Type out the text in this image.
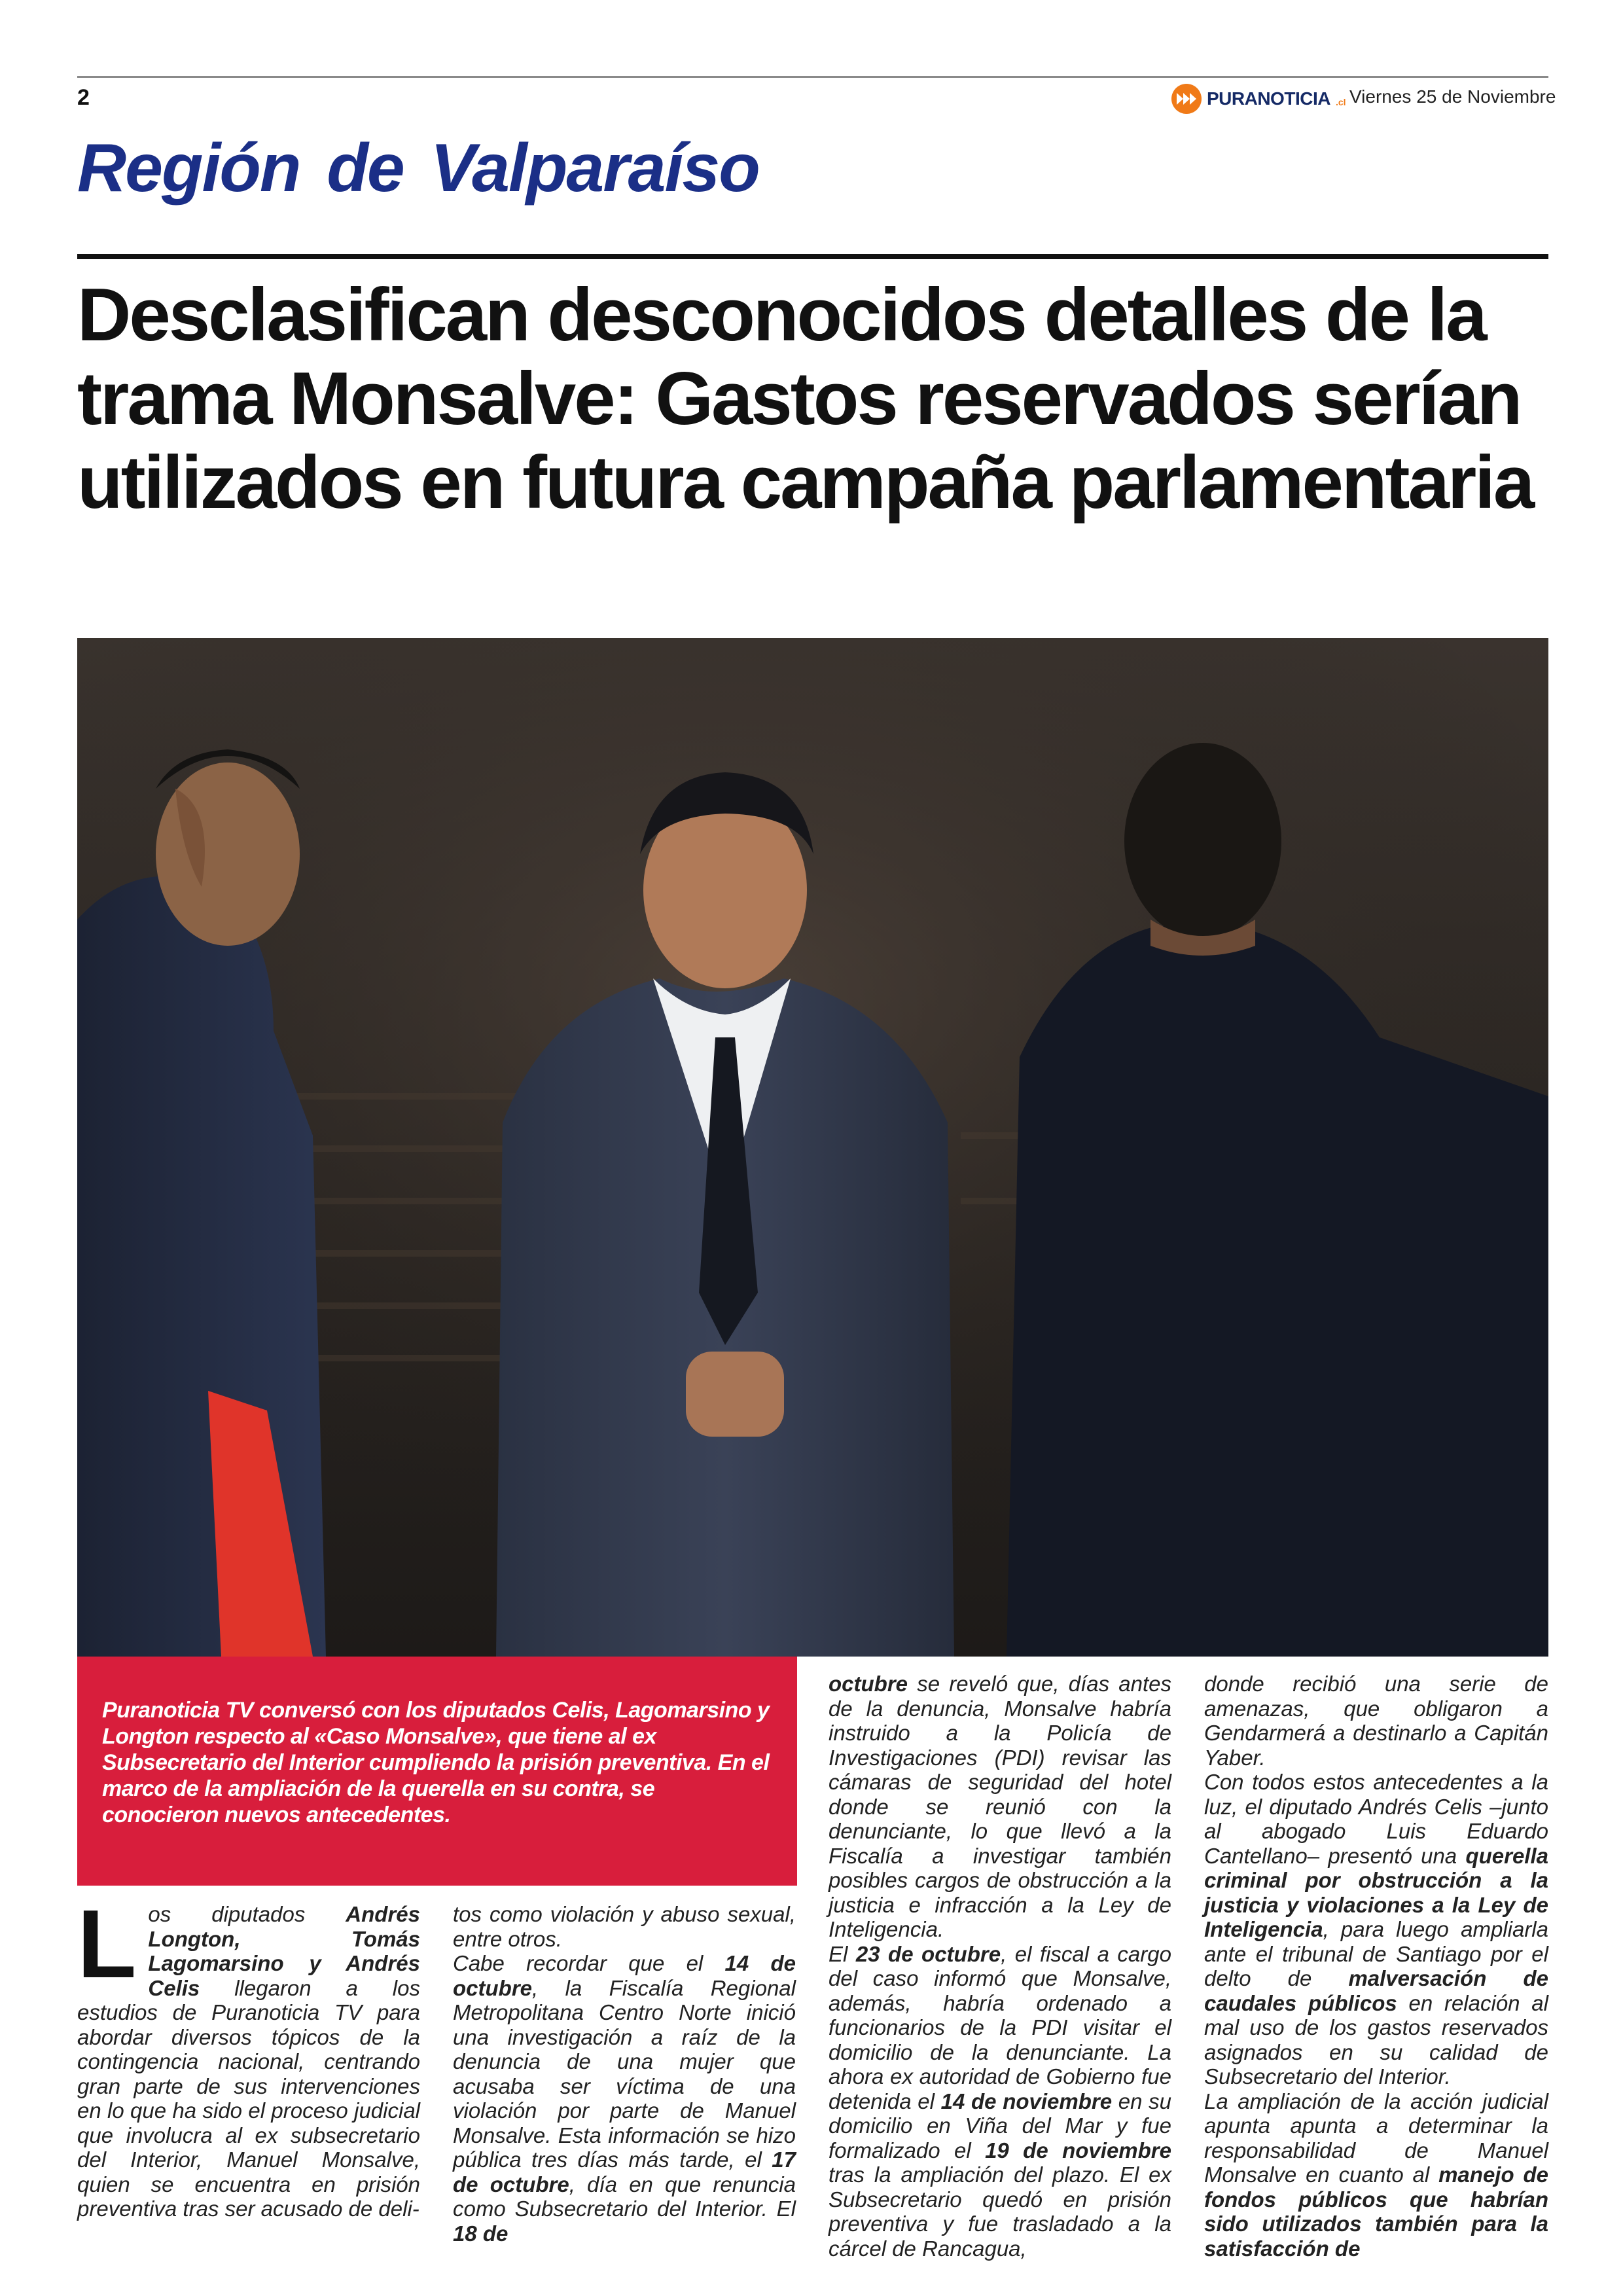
2	PURANOTICIA .cl Viernes 25 de Noviembre
Región de Valparaíso
Desclasifican desconocidos detalles de la trama Monsalve: Gastos reservados serían utilizados en futura campaña parlamentaria

Puranoticia TV conversó con los diputados Celis, Lagomarsino y Longton respecto al «Caso Monsalve», que tiene al ex Subsecretario del Interior cumpliendo la prisión preventiva. En el marco de la ampliación de la querella en su contra, se conocieron nuevos antecedentes.

Los diputados Andrés Longton, Tomás Lagomarsino y Andrés Celis llegaron a los estudios de Puranoticia TV para abordar diversos tópicos de la contingencia nacional, centrando gran parte de sus intervenciones en lo que ha sido el proceso judicial que involucra al ex subsecretario del Interior, Manuel Monsalve, quien se encuentra en prisión preventiva tras ser acusado de deli-

tos como violación y abuso sexual, entre otros.

Cabe recordar que el 14 de octubre, la Fiscalía Regional Metropolitana Centro Norte inició una investigación a raíz de la denuncia de una mujer que acusaba ser víctima de una violación por parte de Manuel Monsalve. Esta información se hizo pública tres días más tarde, el 17 de octubre, día en que renuncia como Subsecretario del Interior. El 18 de

octubre se reveló que, días antes de la denuncia, Monsalve habría instruido a la Policía de Investigaciones (PDI) revisar las cámaras de seguridad del hotel donde se reunió con la denunciante, lo que llevó a la Fiscalía a investigar también posibles cargos de obstrucción a la justicia e infracción a la Ley de Inteligencia.

El 23 de octubre, el fiscal a cargo del caso informó que Monsalve, además, habría ordenado a funcionarios de la PDI visitar el domicilio de la denunciante. La ahora ex autoridad de Gobierno fue detenida el 14 de noviembre en su domicilio en Viña del Mar y fue formalizado el 19 de noviembre tras la ampliación del plazo. El ex Subsecretario quedó en prisión preventiva y fue trasladado a la cárcel de Rancagua,

donde recibió una serie de amenazas, que obligaron a Gendarmerá a destinarlo a Capitán Yaber.

Con todos estos antecedentes a la luz, el diputado Andrés Celis –junto al abogado Luis Eduardo Cantellano– presentó una querella criminal por obstrucción a la justicia y violaciones a la Ley de Inteligencia, para luego ampliarla ante el tribunal de Santiago por el delto de malversación de caudales públicos en relación al mal uso de los gastos reservados asignados en su calidad de Subsecretario del Interior.

La ampliación de la acción judicial apunta apunta a determinar la responsabilidad de Manuel Monsalve en cuanto al manejo de fondos públicos que habrían sido utilizados también para la satisfacción de
